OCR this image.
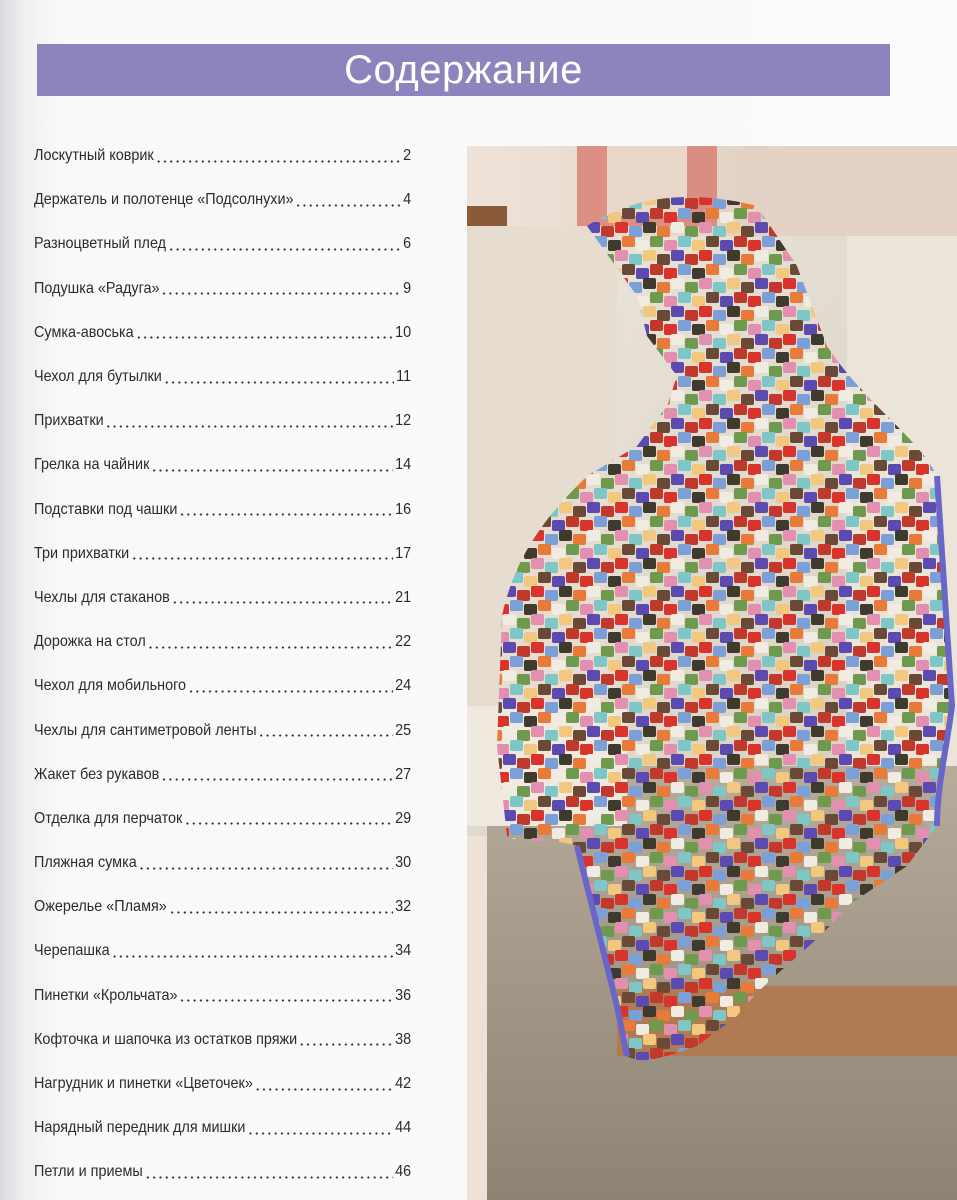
Содержание
Лоскутный коврик	2
Держатель и полотенце «Подсолнухи»	4
Разноцветный плед	6
Подушка «Радуга»	9
Сумка-авоська	10
Чехол для бутылки	11
Прихватки	12
Грелка на чайник	14
Подставки под чашки	16
Три прихватки	17
Чехлы для стаканов	21
Дорожка на стол	22
Чехол для мобильного	24
Чехлы для сантиметровой ленты	25
Жакет без рукавов	27
Отделка для перчаток	29
Пляжная сумка	30
Ожерелье «Пламя»	32
Черепашка	34
Пинетки «Крольчата»	36
Кофточка и шапочка из остатков пряжи	38
Нагрудник и пинетки «Цветочек»	42
Нарядный передник для мишки	44
Петли и приемы	46
